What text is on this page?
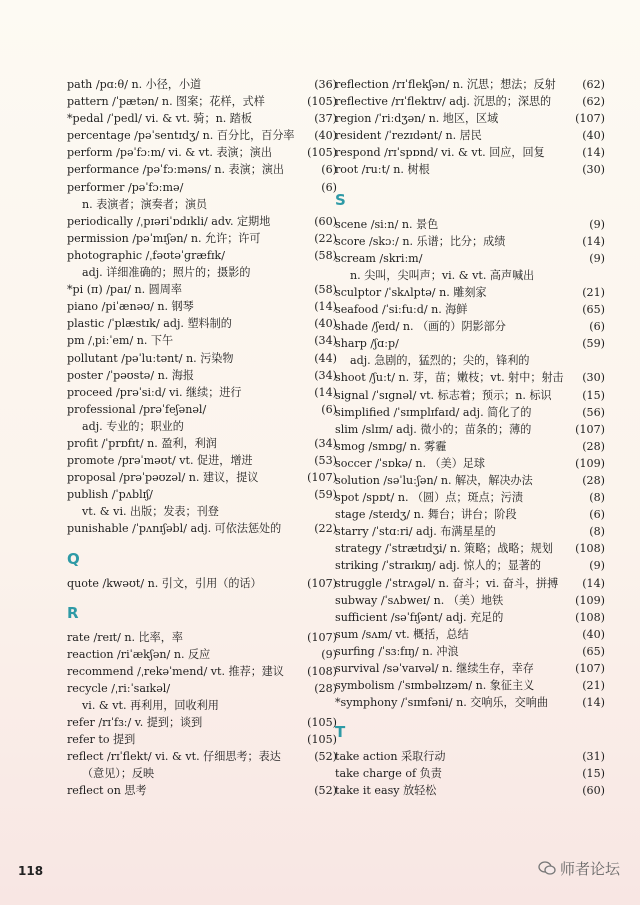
path /pɑːθ/ n. 小径，小道	(36)
pattern /ˈpætən/ n. 图案；花样，式样	(105)
*pedal /ˈpedl/ vi. & vt. 骑；n. 踏板	(37)
percentage /pəˈsentɪdʒ/ n. 百分比，百分率 (40)
perform /pəˈfɔːm/ vi. & vt. 表演；演出	(105)
performance /pəˈfɔːməns/ n. 表演；演出	(6)
performer /pəˈfɔːmə/
n. 表演者；演奏者；演员
(6)
periodically /ˌpɪəriˈɒdɪkli/ adv. 定期地	(60)
permission /pəˈmɪʃən/ n. 允许；许可	(22)
photographic /ˌfəʊtəˈɡræfɪk/
adj. 详细准确的；照片的；摄影的
(58)
*pi (π) /paɪ/ n. 圆周率	(58)
piano /piˈænəʊ/ n. 钢琴	(14)
plastic /ˈplæstɪk/ adj. 塑料制的	(40)
pm /ˌpiːˈem/ n. 下午	(34)
pollutant /pəˈluːtənt/ n. 污染物	(44)
poster /ˈpəʊstə/ n. 海报	(34)
proceed /prəˈsiːd/ vi. 继续；进行	(14)
professional /prəˈfeʃənəl/
adj. 专业的；职业的
(6)
profit /ˈprɒfɪt/ n. 盈利，利润	(34)
promote /prəˈməʊt/ vt. 促进，增进	(53)
proposal /prəˈpəʊzəl/ n. 建议，提议	(107)
publish /ˈpʌblɪʃ/
vt. & vi. 出版；发表；刊登
(59)
punishable /ˈpʌnɪʃəbl/ adj. 可依法惩处的	(22)
Q
quote /kwəʊt/ n. 引文，引用（的话）	(107)
R
rate /reɪt/ n. 比率，率	(107)
reaction /riˈækʃən/ n. 反应	(9)
recommend /ˌrekəˈmend/ vt. 推荐；建议 (108)
recycle /ˌriːˈsaɪkəl/
vi. & vt. 再利用，回收利用
(28)
refer /rɪˈfɜː/ v. 提到；谈到	(105)
refer to 提到	(105)
reflect /rɪˈflekt/ vi. & vt. 仔细思考；表达
（意见）；反映
(52)
reflect on 思考	(52)
reflection /rɪˈflekʃən/ n. 沉思；想法；反射 (62)
reflective /rɪˈflektɪv/ adj. 沉思的；深思的	(62)
region /ˈriːdʒən/ n. 地区，区域	(107)
resident /ˈrezɪdənt/ n. 居民	(40)
respond /rɪˈspɒnd/ vi. & vt. 回应，回复	(14)
root /ruːt/ n. 树根	(30)
S
scene /siːn/ n. 景色	(9)
score /skɔː/ n. 乐谱；比分；成绩	(14)
scream /skriːm/
n. 尖叫，尖叫声；vi. & vt. 高声喊出
(9)
sculptor /ˈskʌlptə/ n. 雕刻家	(21)
seafood /ˈsiːfuːd/ n. 海鲜	(65)
shade /ʃeɪd/ n. （画的）阴影部分	(6)
sharp /ʃɑːp/
adj. 急剧的，猛烈的；尖的，锋利的
(59)
shoot /ʃuːt/ n. 芽，苗；嫩枝；vt. 射中；射击 (30)
signal /ˈsɪɡnəl/ vt. 标志着；预示；n. 标识	(15)
simplified /ˈsɪmplɪfaɪd/ adj. 简化了的	(56)
slim /slɪm/ adj. 微小的；苗条的；薄的	(107)
smog /smɒɡ/ n. 雾霾	(28)
soccer /ˈsɒkə/ n. （美）足球	(109)
solution /səˈluːʃən/ n. 解决，解决办法	(28)
spot /spɒt/ n. （圆）点；斑点；污渍	(8)
stage /steɪdʒ/ n. 舞台；讲台；阶段	(6)
starry /ˈstɑːri/ adj. 布满星星的	(8)
strategy /ˈstrætɪdʒi/ n. 策略；战略；规划 (108)
striking /ˈstraɪkɪŋ/ adj. 惊人的；显著的	(9)
struggle /ˈstrʌɡəl/ n. 奋斗；vi. 奋斗，拼搏 (14)
subway /ˈsʌbweɪ/ n. （美）地铁	(109)
sufficient /səˈfɪʃənt/ adj. 充足的	(108)
sum /sʌm/ vt. 概括，总结	(40)
surfing /ˈsɜːfɪŋ/ n. 冲浪	(65)
survival /səˈvaɪvəl/ n. 继续生存，幸存	(107)
symbolism /ˈsɪmbəlɪzəm/ n. 象征主义	(21)
*symphony /ˈsɪmfəni/ n. 交响乐，交响曲	(14)
T
take action 采取行动	(31)
take charge of 负责	(15)
take it easy 放轻松	(60)
118	师者论坛
